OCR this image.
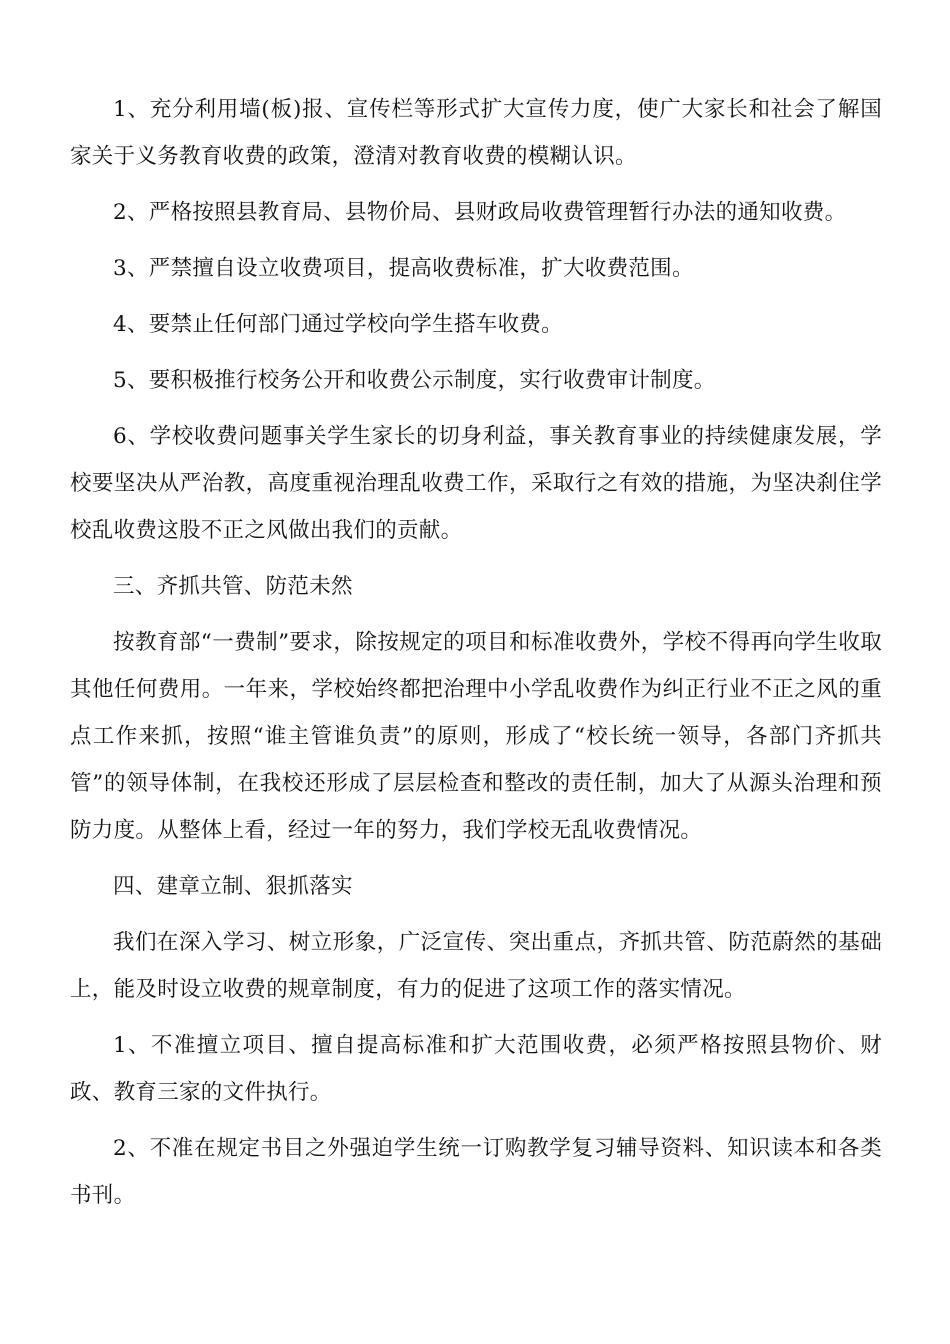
1、充分利用墙(板)报、宣传栏等形式扩大宣传力度，使广大家长和社会了解国家关于义务教育收费的政策，澄清对教育收费的模糊认识。

2、严格按照县教育局、县物价局、县财政局收费管理暂行办法的通知收费。

3、严禁擅自设立收费项目，提高收费标准，扩大收费范围。

4、要禁止任何部门通过学校向学生搭车收费。

5、要积极推行校务公开和收费公示制度，实行收费审计制度。

6、学校收费问题事关学生家长的切身利益，事关教育事业的持续健康发展，学校要坚决从严治教，高度重视治理乱收费工作，采取行之有效的措施，为坚决刹住学校乱收费这股不正之风做出我们的贡献。

三、齐抓共管、防范未然

按教育部“一费制”要求，除按规定的项目和标准收费外，学校不得再向学生收取其他任何费用。一年来，学校始终都把治理中小学乱收费作为纠正行业不正之风的重点工作来抓，按照“谁主管谁负责”的原则，形成了“校长统一领导，各部门齐抓共管”的领导体制，在我校还形成了层层检查和整改的责任制，加大了从源头治理和预防力度。从整体上看，经过一年的努力，我们学校无乱收费情况。

四、建章立制、狠抓落实

我们在深入学习、树立形象，广泛宣传、突出重点，齐抓共管、防范蔚然的基础上，能及时设立收费的规章制度，有力的促进了这项工作的落实情况。

1、不准擅立项目、擅自提高标准和扩大范围收费，必须严格按照县物价、财政、教育三家的文件执行。

2、不准在规定书目之外强迫学生统一订购教学复习辅导资料、知识读本和各类书刊。
